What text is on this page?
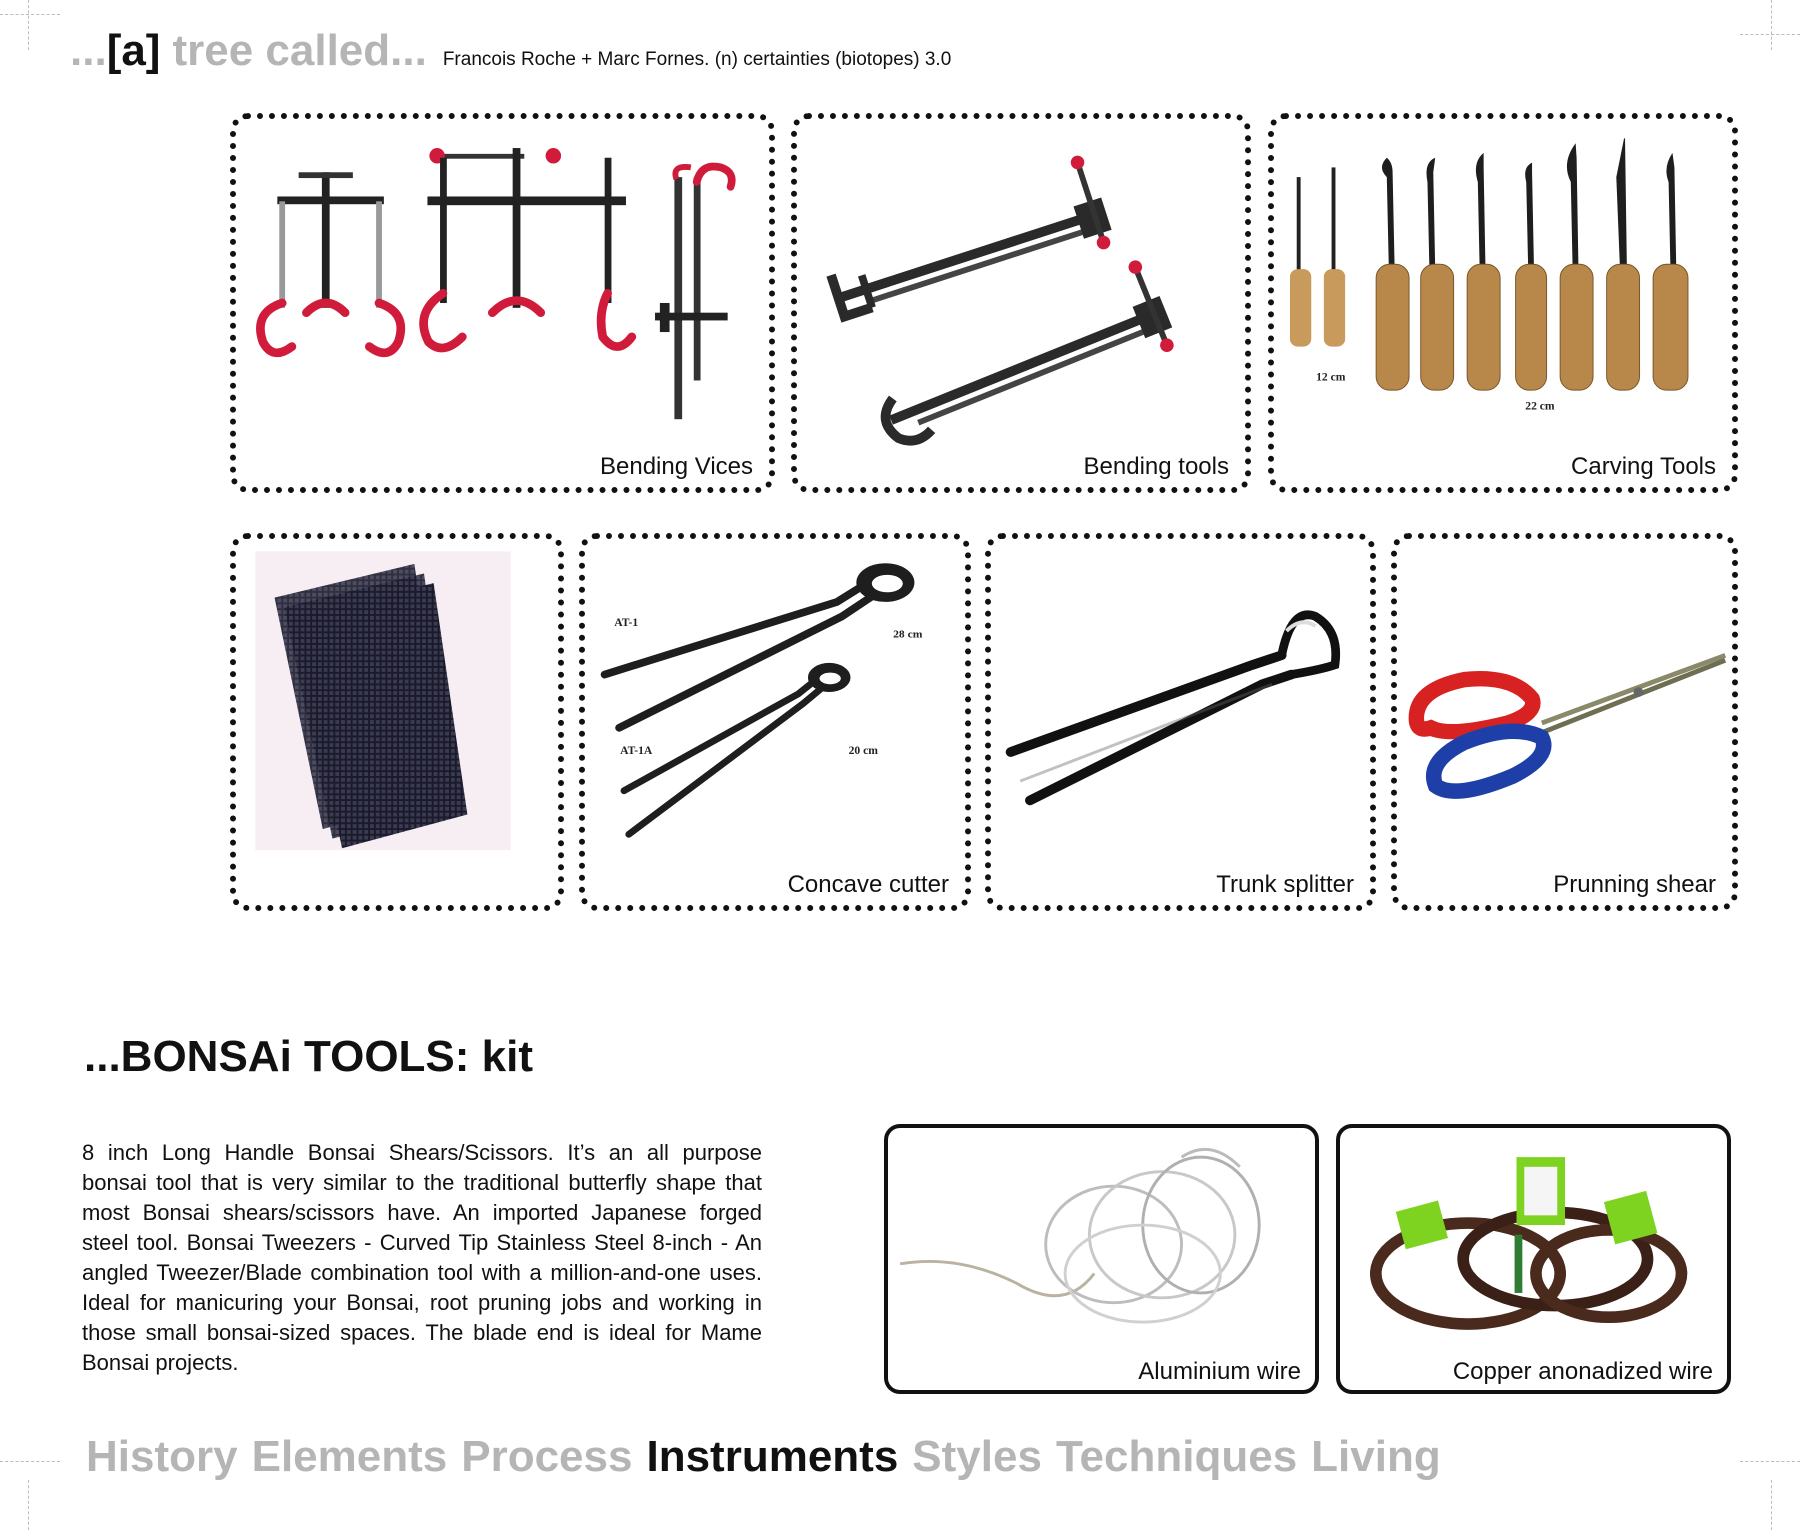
... [a] tree called... Francois Roche + Marc Fornes. (n) certainties (biotopes) 3.0
Bending Vices	Bending tools
12 cm
22 cm
Carving Tools
AT-1
28 cm
AT-1A	20 cm
Concave cutter	Trunk splitter	Prunning shear
...BONSAi TOOLS: kit

8 inch Long Handle Bonsai Shears/Scissors. It’s an all purpose bonsai tool that is very similar to the traditional butterfly shape that most Bonsai shears/scissors have. An imported Japanese forged steel tool. Bonsai Tweezers - Curved Tip Stainless Steel 8-inch - An angled Tweezer/Blade combination tool with a million-and-one uses. Ideal for manicuring your Bonsai, root pruning jobs and working in those small bonsai-sized spaces. The blade end is ideal for Mame Bonsai projects.	Aluminium wire	Copper anonadized wire
History Elements Process Instruments Styles Techniques Living
